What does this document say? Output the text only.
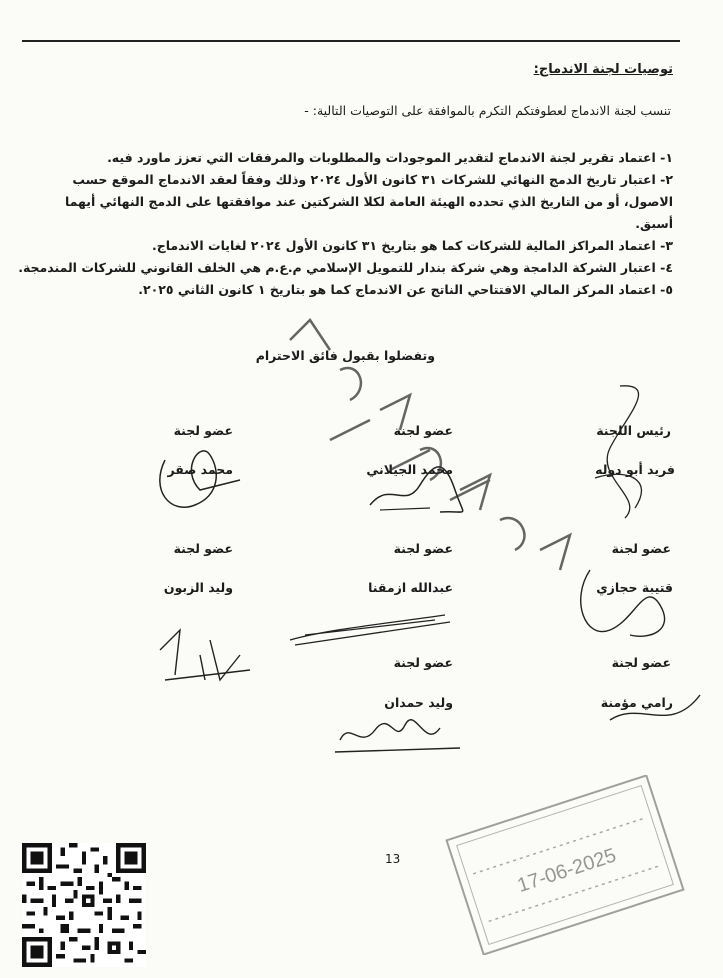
توصيات لجنة الاندماج:
تنسب لجنة الاندماج لعطوفتكم التكرم بالموافقة على التوصيات التالية: -
١- اعتماد تقرير لجنة الاندماج لتقدير الموجودات والمطلوبات والمرفقات التي تعزز ماورد فيه.
٢- اعتبار تاريخ الدمج النهائي للشركات ٣١ كانون الأول ٢٠٢٤ وذلك وفقاً لعقد الاندماج الموقع حسب الاصول، أو من التاريخ الذي تحدده الهيئة العامة لكلا الشركتين عند موافقتها على الدمج النهائي أيهما أسبق.
٣- اعتماد المراكز المالية للشركات كما هو بتاريخ ٣١ كانون الأول ٢٠٢٤ لغايات الاندماج.
٤- اعتبار الشركة الدامجة وهي شركة بندار للتمويل الإسلامي م.ع.م هي الخلف القانوني للشركات المندمجة.
٥- اعتماد المركز المالي الافتتاحي الناتج عن الاندماج كما هو بتاريخ ١ كانون الثاني ٢٠٢٥.
وتفضلوا بقبول فائق الاحترام
رئيس اللجنة
عضو لجنة
عضو لجنة
فريد أبو دوله
محمد الجيلاني
محمد صقر
عضو لجنة
عضو لجنة
عضو لجنة
قتيبة حجازي
عبدالله ازمقنا
وليد الزبون
عضو لجنة
عضو لجنة
رامي مؤمنة
وليد حمدان
13	17-06-2025
